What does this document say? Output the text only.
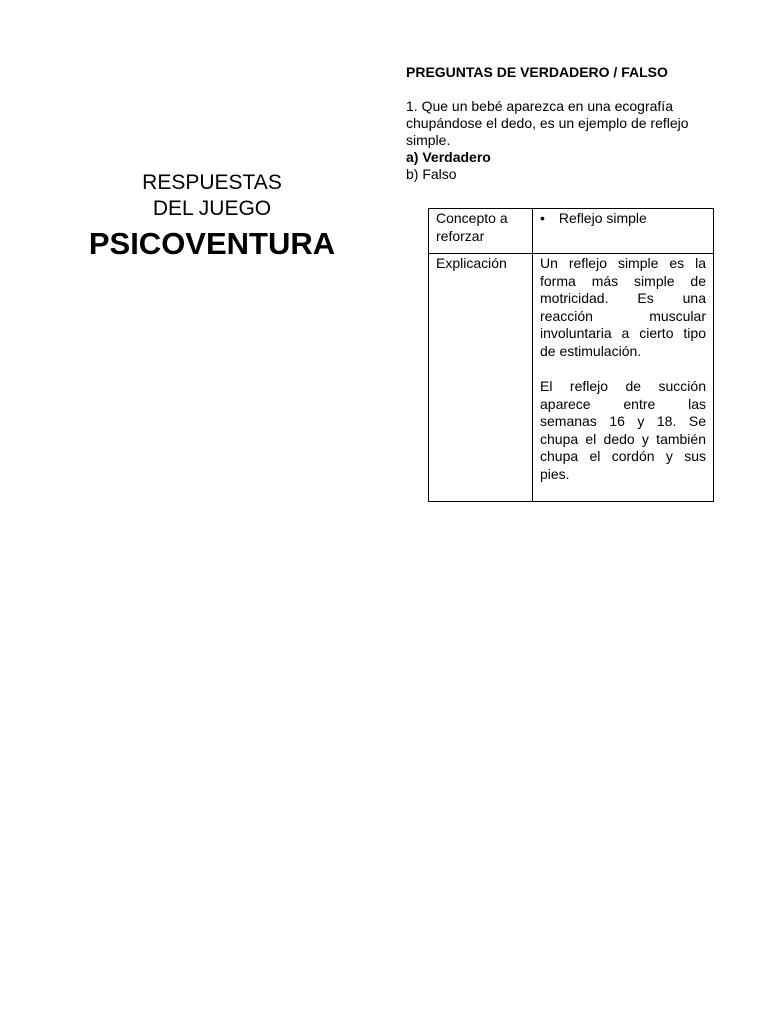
RESPUESTAS
DEL JUEGO
PSICOVENTURA
PREGUNTAS DE VERDADERO / FALSO

1. Que un bebé aparezca en una ecografía chupándose el dedo, es un ejemplo de reflejo simple.

a) Verdadero
b) Falso
Concepto a reforzar	• Reflejo simple

Explicación	Un reflejo simple es la forma más simple de motricidad. Es una reacción muscular involuntaria a cierto tipo de estimulación.
El reflejo de succión aparece entre las semanas 16 y 18. Se chupa el dedo y también chupa el cordón y sus pies.
